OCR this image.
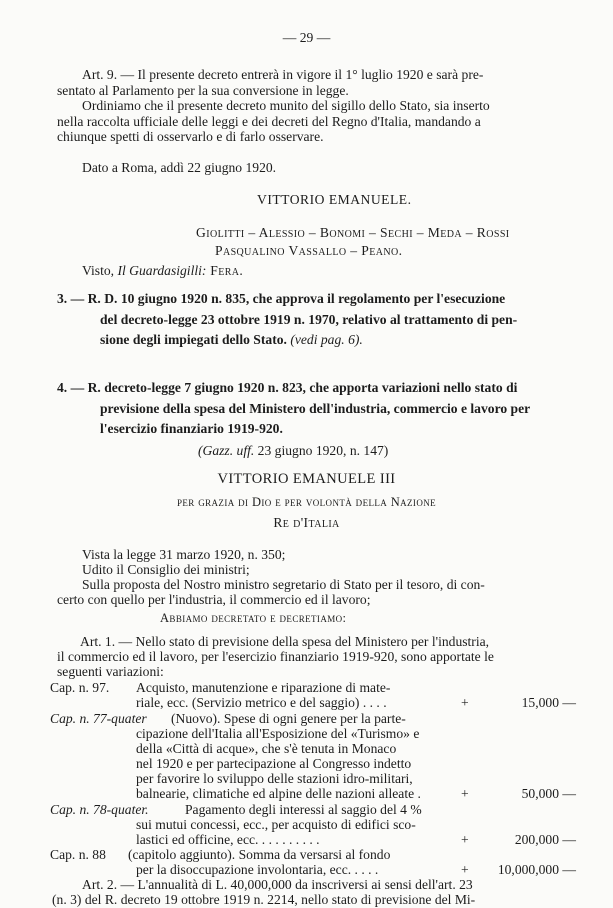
— 29 —
Art. 9. — Il presente decreto entrerà in vigore il 1° luglio 1920 e sarà pre-
sentato al Parlamento per la sua conversione in legge.
Ordiniamo che il presente decreto munito del sigillo dello Stato, sia inserto
nella raccolta ufficiale delle leggi e dei decreti del Regno d'Italia, mandando a
chiunque spetti di osservarlo e di farlo osservare.
Dato a Roma, addì 22 giugno 1920.
VITTORIO EMANUELE.
Giolitti – Alessio – Bonomi – Sechi – Meda – Rossi
Pasqualino Vassallo – Peano.
Visto, Il Guardasigilli: Fera.
3. — R. D. 10 giugno 1920 n. 835, che approva il regolamento per l'esecuzione
del decreto-legge 23 ottobre 1919 n. 1970, relativo al trattamento di pen-
sione degli impiegati dello Stato. (vedi pag. 6).
4. — R. decreto-legge 7 giugno 1920 n. 823, che apporta variazioni nello stato di
previsione della spesa del Ministero dell'industria, commercio e lavoro per
l'esercizio finanziario 1919-920.
(Gazz. uff. 23 giugno 1920, n. 147)
VITTORIO EMANUELE III
per grazia di Dio e per volontà della Nazione
Re d'Italia
Vista la legge 31 marzo 1920, n. 350;
Udito il Consiglio dei ministri;
Sulla proposta del Nostro ministro segretario di Stato per il tesoro, di con-
certo con quello per l'industria, il commercio ed il lavoro;
Abbiamo decretato e decretiamo:
Art. 1. — Nello stato di previsione della spesa del Ministero per l'industria,
il commercio ed il lavoro, per l'esercizio finanziario 1919-920, sono apportate le
seguenti variazioni:
Cap. n. 97. Acquisto, manutenzione e riparazione di mate-
riale, ecc. (Servizio metrico e del saggio) . . . .	+	15,000 —
Cap. n. 77-quater (Nuovo). Spese di ogni genere per la parte-
cipazione dell'Italia all'Esposizione del «Turismo» e
della «Città di acque», che s'è tenuta in Monaco
nel 1920 e per partecipazione al Congresso indetto
per favorire lo sviluppo delle stazioni idro-militari,
balnearie, climatiche ed alpine delle nazioni alleate .	+	50,000 —
Cap. n. 78-quater.	Pagamento degli interessi al saggio del 4 %
sui mutui concessi, ecc., per acquisto di edifici sco-
lastici ed officine, ecc. . . . . . . . . .	+	200,000 —
Cap. n. 88 (capitolo aggiunto). Somma da versarsi al fondo
per la disoccupazione involontaria, ecc. . . . .	+ 10,000,000 —
Art. 2. — L'annualità di L. 40,000,000 da inscriversi ai sensi dell'art. 23
(n. 3) del R. decreto 19 ottobre 1919 n. 2214, nello stato di previsione del Mi-
